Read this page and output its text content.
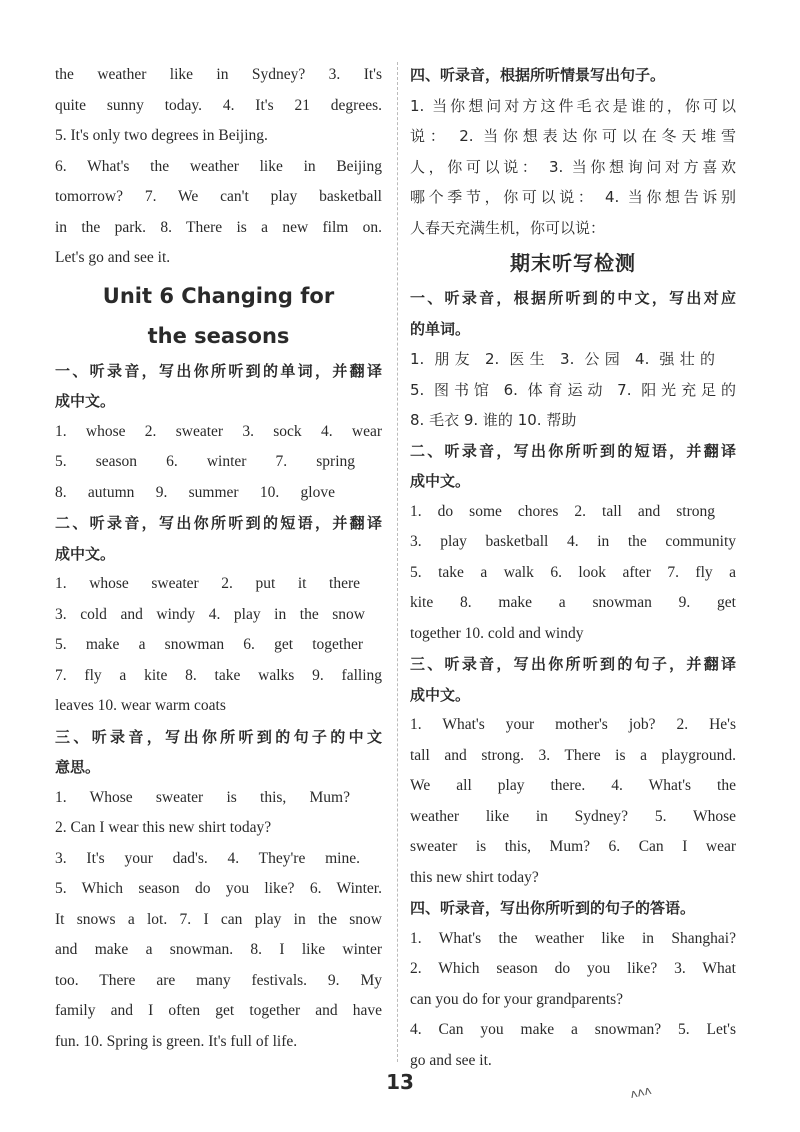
the weather like in Sydney? 3. It's
quite sunny today. 4. It's 21 degrees.
5. It's only two degrees in Beijing.
6. What's the weather like in Beijing
tomorrow? 7. We can't play basketball
in the park. 8. There is a new film on.
Let's go and see it.
Unit 6 Changing for
the seasons
一、听录音，写出你所听到的单词，并翻译
成中文。
1. whose 2. sweater 3. sock 4. wear
5. season 6. winter 7. spring
8. autumn 9. summer 10. glove
二、听录音，写出你所听到的短语，并翻译
成中文。
1. whose sweater 2. put it there
3. cold and windy 4. play in the snow
5. make a snowman 6. get together
7. fly a kite 8. take walks 9. falling
leaves 10. wear warm coats
三、听录音，写出你所听到的句子的中文
意思。
1. Whose sweater is this, Mum?
2. Can I wear this new shirt today?
3. It's your dad's. 4. They're mine.
5. Which season do you like? 6. Winter.
It snows a lot. 7. I can play in the snow
and make a snowman. 8. I like winter
too. There are many festivals. 9. My
family and I often get together and have
fun. 10. Spring is green. It's full of life.
四、听录音，根据所听情景写出句子。
1. 当你想问对方这件毛衣是谁的，你可以
说： 2. 当你想表达你可以在冬天堆雪
人，你可以说： 3. 当你想询问对方喜欢
哪个季节，你可以说： 4. 当你想告诉别
人春天充满生机，你可以说：
期末听写检测
一、听录音，根据所听到的中文，写出对应
的单词。
1. 朋友 2. 医生 3. 公园 4. 强壮的
5. 图书馆 6. 体育运动 7. 阳光充足的
8. 毛衣 9. 谁的 10. 帮助
二、听录音，写出你所听到的短语，并翻译
成中文。
1. do some chores 2. tall and strong
3. play basketball 4. in the community
5. take a walk 6. look after 7. fly a
kite 8. make a snowman 9. get
together 10. cold and windy
三、听录音，写出你所听到的句子，并翻译
成中文。
1. What's your mother's job? 2. He's
tall and strong. 3. There is a playground.
We all play there. 4. What's the
weather like in Sydney? 5. Whose
sweater is this, Mum? 6. Can I wear
this new shirt today?
四、听录音，写出你所听到的句子的答语。
1. What's the weather like in Shanghai?
2. Which season do you like? 3. What
can you do for your grandparents?
4. Can you make a snowman? 5. Let's
go and see it.
13	ᴧᴧᴧ
